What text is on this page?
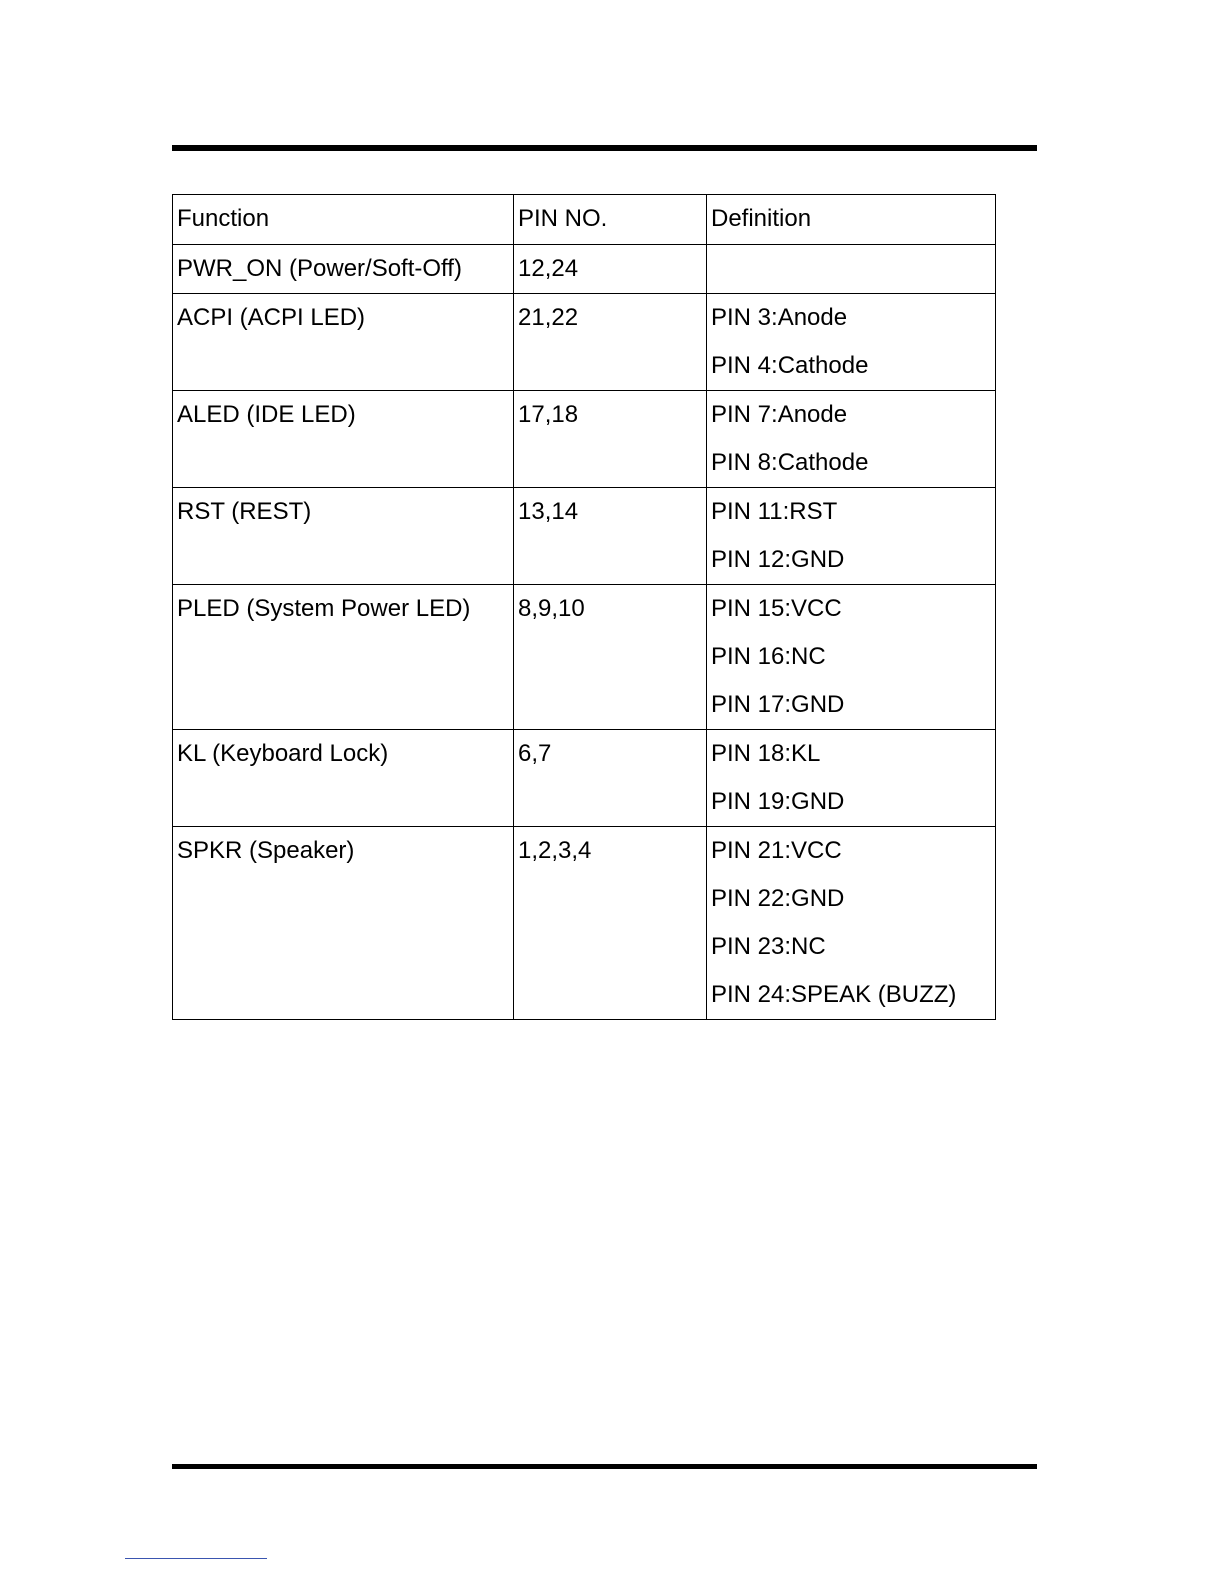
Function	PIN NO.	Definition
PWR_ON (Power/Soft-Off)	12,24	
ACPI (ACPI LED)	21,22	PIN 3:Anode
PIN 4:Cathode

ALED (IDE LED)	17,18	PIN 7:Anode
PIN 8:Cathode

RST (REST)	13,14	PIN 11:RST
PIN 12:GND

PLED (System Power LED)	8,9,10	PIN 15:VCC
PIN 16:NC
PIN 17:GND

KL (Keyboard Lock)	6,7	PIN 18:KL
PIN 19:GND

SPKR (Speaker)	1,2,3,4	PIN 21:VCC
PIN 22:GND
PIN 23:NC
PIN 24:SPEAK (BUZZ)
